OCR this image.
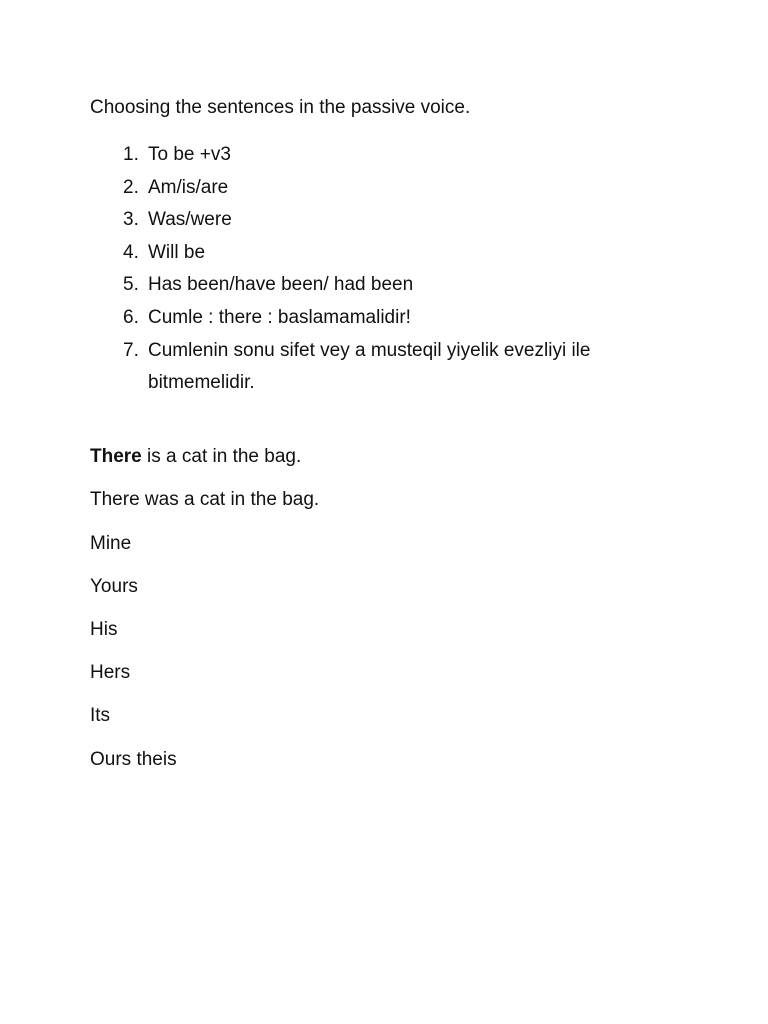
Choosing the sentences in the passive voice.

1. To be +v3
2. Am/is/are
3. Was/were
4. Will be
5. Has been/have been/ had been
6. Cumle : there : baslamamalidir!
7. Cumlenin sonu sifet vey a musteqil yiyelik evezliyi ile bitmemelidir.

There is a cat in the bag.

There was a cat in the bag.

Mine

Yours

His

Hers

Its

Ours theis
